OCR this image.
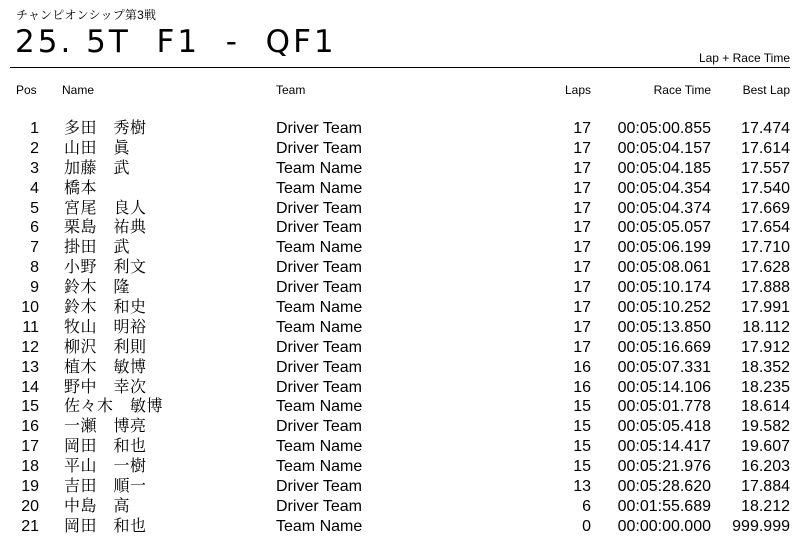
チャンピオンシップ第3戦
25. 5T  F1  -  QF1	Lap + Race Time
Pos Name	Team	Laps	Race Time	Best Lap
1 多田　秀樹	Driver Team	17	00:05:00.855	17.474
2 山田　眞	Driver Team	17	00:05:04.157	17.614
3 加藤　武	Team Name	17	00:05:04.185	17.557
4 橋本	Team Name	17	00:05:04.354	17.540
5 宮尾　良人	Driver Team	17	00:05:04.374	17.669
6 栗島　祐典	Driver Team	17	00:05:05.057	17.654
7 掛田　武	Team Name	17	00:05:06.199	17.710
8 小野　利文	Driver Team	17	00:05:08.061	17.628
9 鈴木　隆	Driver Team	17	00:05:10.174	17.888
10 鈴木　和史	Team Name	17	00:05:10.252	17.991
11 牧山　明裕	Team Name	17	00:05:13.850	18.112
12 柳沢　利則	Driver Team	17	00:05:16.669	17.912
13 植木　敏博	Driver Team	16	00:05:07.331	18.352
14 野中　幸次	Driver Team	16	00:05:14.106	18.235
15 佐々木　敏博	Team Name	15	00:05:01.778	18.614
16 一瀬　博亮	Driver Team	15	00:05:05.418	19.582
17 岡田　和也	Team Name	15	00:05:14.417	19.607
18 平山　一樹	Team Name	15	00:05:21.976	16.203
19 吉田　順一	Driver Team	13	00:05:28.620	17.884
20 中島　高	Driver Team	6	00:01:55.689	18.212
21 岡田　和也	Team Name	0	00:00:00.000	999.999
